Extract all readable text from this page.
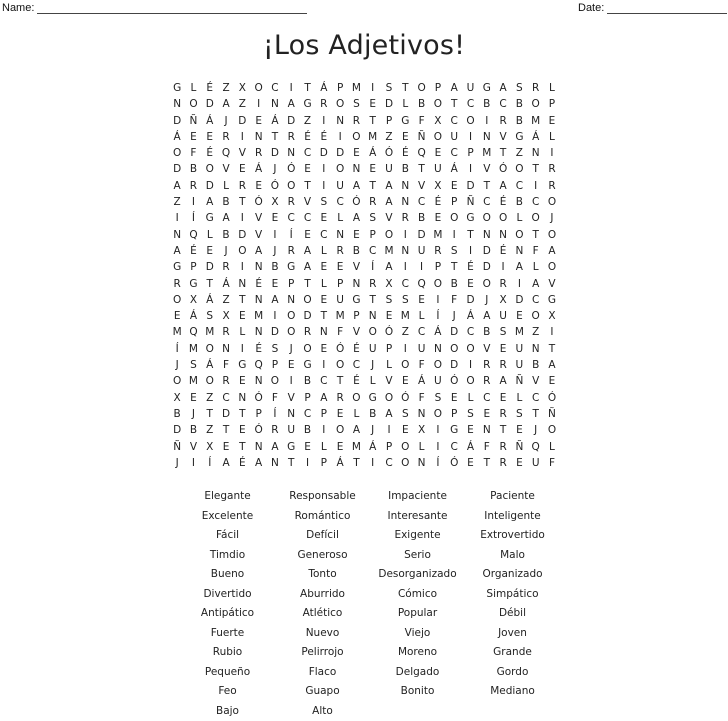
Name:	Date:
¡Los Adjetivos!
G L É Z X O C	I	T Á P M I	S T O P A U G A S R L
N O D A Z	I	N A G R O S E D L B O T C B C B O P
D Ñ Á	J	D E Á D Z	I	N R T P G F X C O	I	R B M E
Á E E R	I	N T R É É	I	O M Z E Ñ O U	I	N V G Á L
O F É Q V R D N C D D E Á Ó É Q E C P M T Z N	I
D B O V E Á	J	Ó E	I	O N E U B T U Á	I	V Ó O T R
A R D L R E Ó O T	I	U A T A N V X E D T A C	I	R
Z	I	A B T Ó X R V S C Ó R A N C É P Ñ C É B C O
I	Í	G A	I	V E C C E L A S V R B E O G O O L O	J
N Q L B D V	I	Í	E C N E P O	I	D M I	T N N O T O
A É E	J	O A	J	R A L R B C M N U R S	I	D É N F A
G P D R	I	N B G A E E V	Í	A	I	I	P T É D	I	A L O
R G T Á N É E P T L P N R X C Q O B E O R	I	A V
O X Á Z T N A N O E U G T S S E	I	F D	J	X D C G
E Á S X E M I	O D T M P N E M L	Í	J	Á A U E O X
M Q M R L N D O R N F V O Ó Z C Á D C B S M Z	I
Í M O N	I	É S	J	O E Ó É U P	I	U N O O V E U N T
J	S Á F G Q P E G	I	O C	J	L O F O D	I	R R U B A
O M O R E N O	I	B C T É L V E Á U Ó O R A Ñ V E
X E Z C N Ó F V P A R O G O Ó F S E L C E L C Ó
B	J	T D T P	Í	N C P E L B A S N O P S E R S T Ñ
D B Z T E Ó R U B	I	O A	J	I	E X	I	G E N T E	J	O
Ñ V X E T N A G E L E M Á P O L	I	C Á F R Ñ Q L
J	I	Í	A É A N T	I	P Á T	I	C O N	Í	Ó E T R E U F
Elegante	Responsable	Impaciente	Paciente
Excelente	Romántico	Interesante	Inteligente
Fácil	Defícil	Exigente	Extrovertido
Timdio	Generoso	Serio	Malo
Bueno	Tonto	Desorganizado	Organizado
Divertido	Aburrido	Cómico	Simpático
Antipático	Atlético	Popular	Débil
Fuerte	Nuevo	Viejo	Joven
Rubio	Pelirrojo	Moreno	Grande
Pequeño	Flaco	Delgado	Gordo
Feo	Guapo	Bonito	Mediano
Bajo	Alto
